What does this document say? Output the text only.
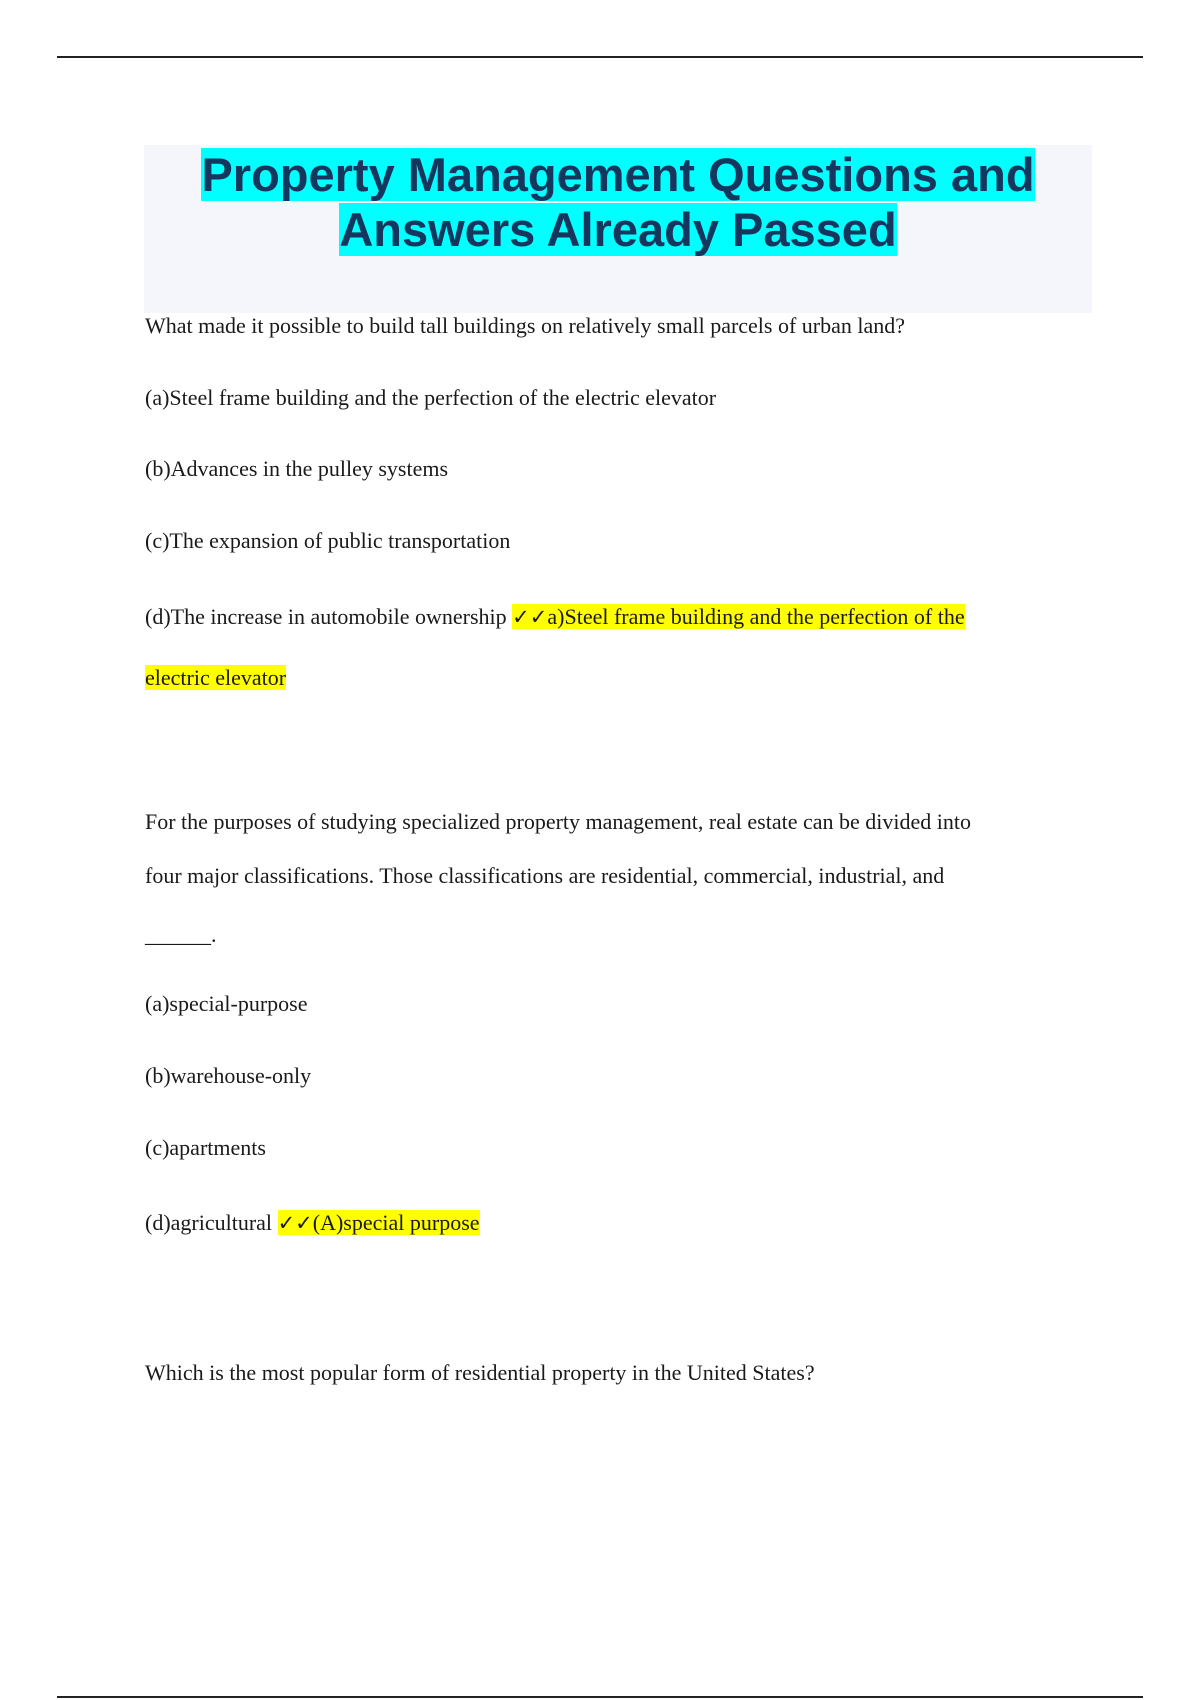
Property Management Questions and
Answers Already Passed
What made it possible to build tall buildings on relatively small parcels of urban land?
(a)Steel frame building and the perfection of the electric elevator
(b)Advances in the pulley systems
(c)The expansion of public transportation
(d)The increase in automobile ownership ✓✓a)Steel frame building and the perfection of the
electric elevator
For the purposes of studying specialized property management, real estate can be divided into
four major classifications. Those classifications are residential, commercial, industrial, and
______.
(a)special-purpose
(b)warehouse-only
(c)apartments
(d)agricultural ✓✓(A)special purpose
Which is the most popular form of residential property in the United States?
